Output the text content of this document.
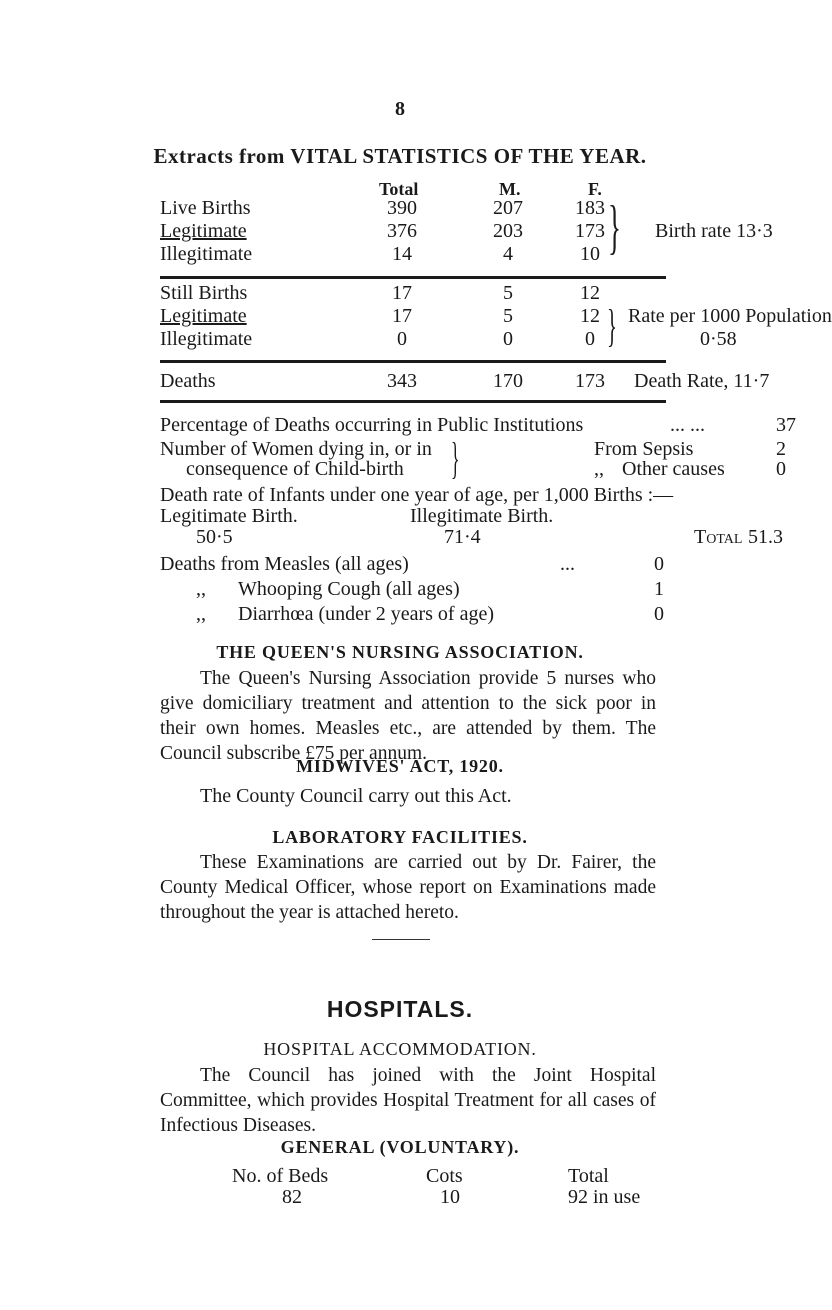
8
Extracts from VITAL STATISTICS OF THE YEAR.
Total	M.	F.
Live Births	390	207	183
Legitimate	376	203	173
Illegitimate	14	4	10 } Birth rate 13·3
Still Births	17	5	12
Legitimate	17	5	12
Illegitimate	0	0	0 } Rate per 1000 Population
0·58
Deaths	343	170	173	Death Rate, 11·7
Percentage of Deaths occurring in Public Institutions	... ...	37
Number of Women dying in, or in
consequence of Child-birth }	From Sepsis	2
,, Other causes	0
Death rate of Infants under one year of age, per 1,000 Births :—
Legitimate Birth.	Illegitimate Birth.
50·5	71·4	Total 51.3
Deaths from Measles (all ages)	...	0
,, Whooping Cough (all ages)	1
,, Diarrhœa (under 2 years of age)	0
THE QUEEN'S NURSING ASSOCIATION.
The Queen's Nursing Association provide 5 nurses who give domiciliary treatment and attention to the sick poor in their own homes. Measles etc., are attended by them. The Council subscribe £75 per annum.
MIDWIVES' ACT, 1920.
The County Council carry out this Act.
LABORATORY FACILITIES.
These Examinations are carried out by Dr. Fairer, the County Medical Officer, whose report on Examinations made throughout the year is attached hereto.
HOSPITALS.
HOSPITAL ACCOMMODATION.
The Council has joined with the Joint Hospital Committee, which provides Hospital Treatment for all cases of Infectious Diseases.
GENERAL (VOLUNTARY).
No. of Beds	Cots	Total
82	10	92 in use
